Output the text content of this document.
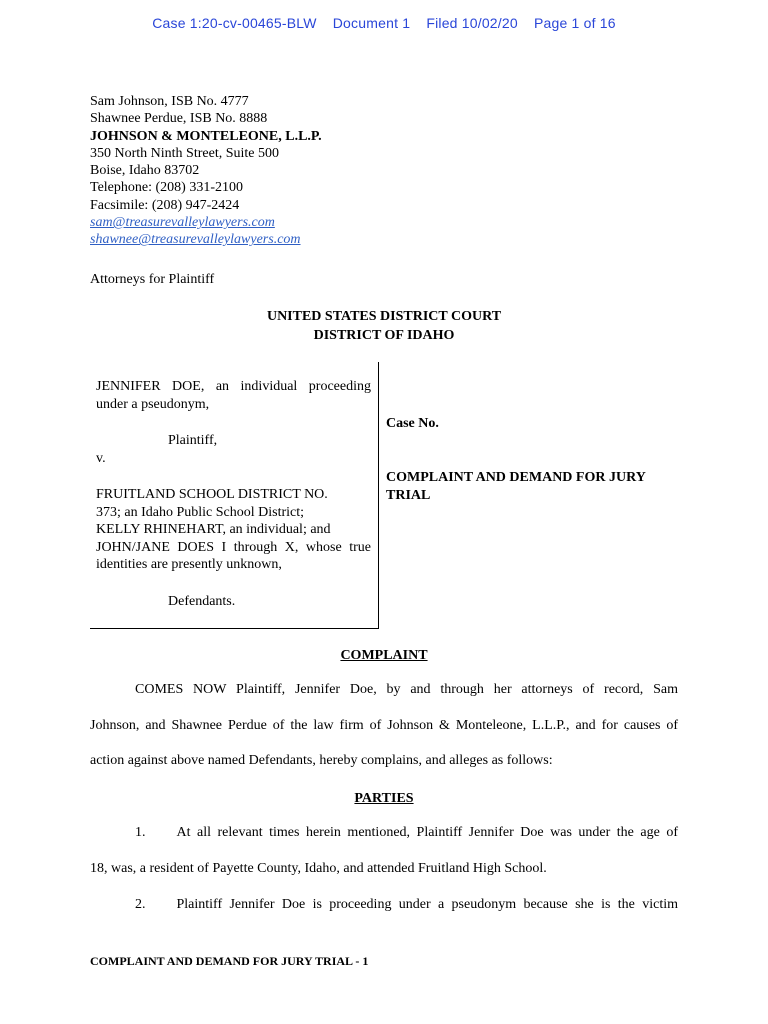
Case 1:20-cv-00465-BLW Document 1 Filed 10/02/20 Page 1 of 16
Sam Johnson, ISB No. 4777
Shawnee Perdue, ISB No. 8888
JOHNSON & MONTELEONE, L.L.P.
350 North Ninth Street, Suite 500
Boise, Idaho 83702
Telephone: (208) 331-2100
Facsimile: (208) 947-2424
sam@treasurevalleylawyers.com
shawnee@treasurevalleylawyers.com
Attorneys for Plaintiff
UNITED STATES DISTRICT COURT
DISTRICT OF IDAHO
JENNIFER DOE, an individual proceeding
under a pseudonym,
Plaintiff,
v.
FRUITLAND SCHOOL DISTRICT NO.
373; an Idaho Public School District;
KELLY RHINEHART, an individual; and
JOHN/JANE DOES I through X, whose true
identities are presently unknown,
Defendants.
Case No.
COMPLAINT AND DEMAND FOR JURY
TRIAL
COMPLAINT
COMES NOW Plaintiff, Jennifer Doe, by and through her attorneys of record, Sam
Johnson, and Shawnee Perdue of the law firm of Johnson & Monteleone, L.L.P., and for causes of
action against above named Defendants, hereby complains, and alleges as follows:
PARTIES
1. At all relevant times herein mentioned, Plaintiff Jennifer Doe was under the age of
18, was, a resident of Payette County, Idaho, and attended Fruitland High School.
2. Plaintiff Jennifer Doe is proceeding under a pseudonym because she is the victim
COMPLAINT AND DEMAND FOR JURY TRIAL - 1
